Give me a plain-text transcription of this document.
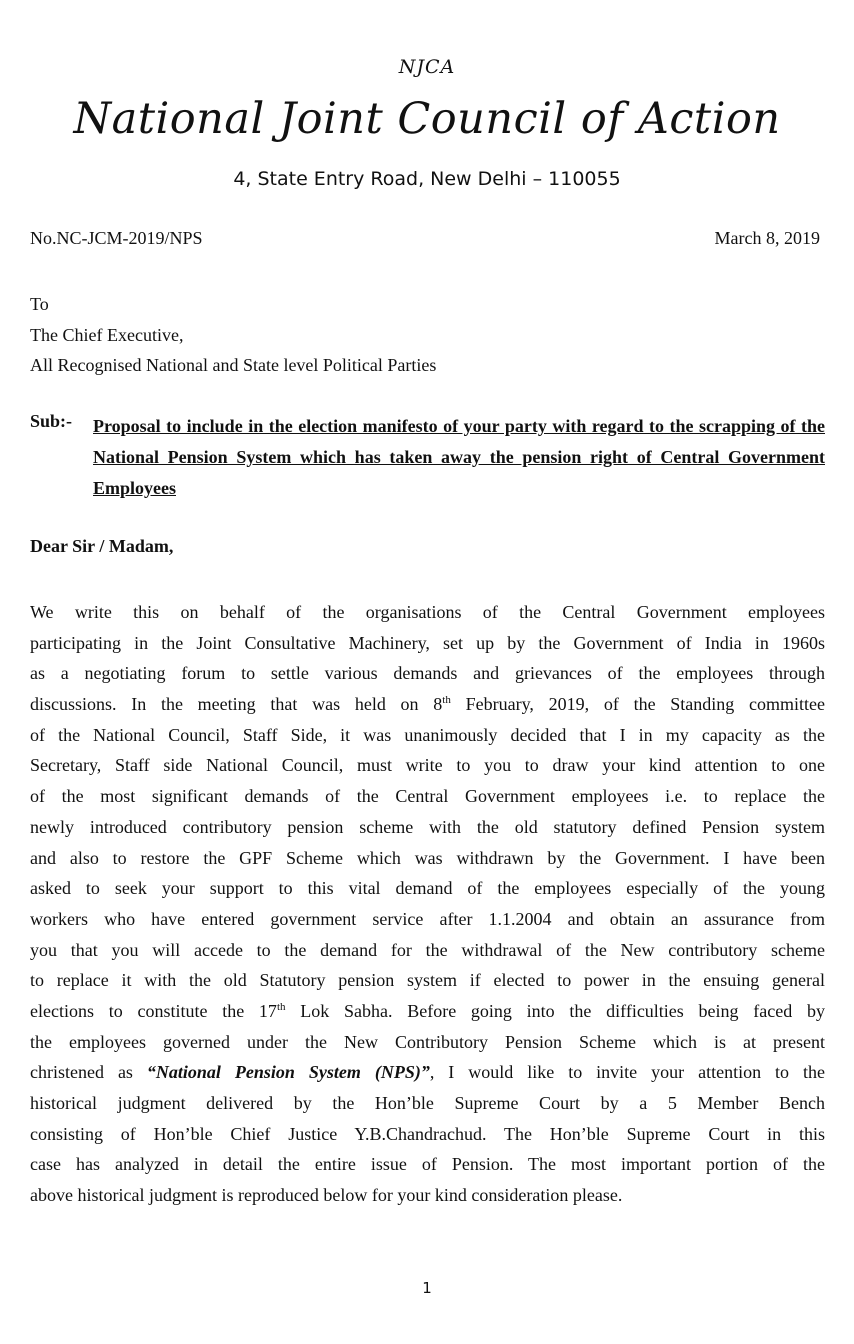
NJCA
National Joint Council of Action
4, State Entry Road, New Delhi – 110055
No.NC-JCM-2019/NPS	March 8, 2019
To
The Chief Executive,
All Recognised National and State level Political Parties
Sub:- Proposal to include in the election manifesto of your party with regard to the scrapping of the National Pension System which has taken away the pension right of Central Government Employees
Dear Sir / Madam,
We write this on behalf of the organisations of the Central Government employees
participating in the Joint Consultative Machinery, set up by the Government of India in 1960s
as a negotiating forum to settle various demands and grievances of the employees through
discussions. In the meeting that was held on 8th February, 2019, of the Standing committee
of the National Council, Staff Side, it was unanimously decided that I in my capacity as the
Secretary, Staff side National Council, must write to you to draw your kind attention to one
of the most significant demands of the Central Government employees i.e. to replace the
newly introduced contributory pension scheme with the old statutory defined Pension system
and also to restore the GPF Scheme which was withdrawn by the Government. I have been
asked to seek your support to this vital demand of the employees especially of the young
workers who have entered government service after 1.1.2004 and obtain an assurance from
you that you will accede to the demand for the withdrawal of the New contributory scheme
to replace it with the old Statutory pension system if elected to power in the ensuing general
elections to constitute the 17th Lok Sabha. Before going into the difficulties being faced by
the employees governed under the New Contributory Pension Scheme which is at present
christened as “National Pension System (NPS)”, I would like to invite your attention to the
historical judgment delivered by the Hon’ble Supreme Court by a 5 Member Bench
consisting of Hon’ble Chief Justice Y.B.Chandrachud. The Hon’ble Supreme Court in this
case has analyzed in detail the entire issue of Pension. The most important portion of the
above historical judgment is reproduced below for your kind consideration please.
1
